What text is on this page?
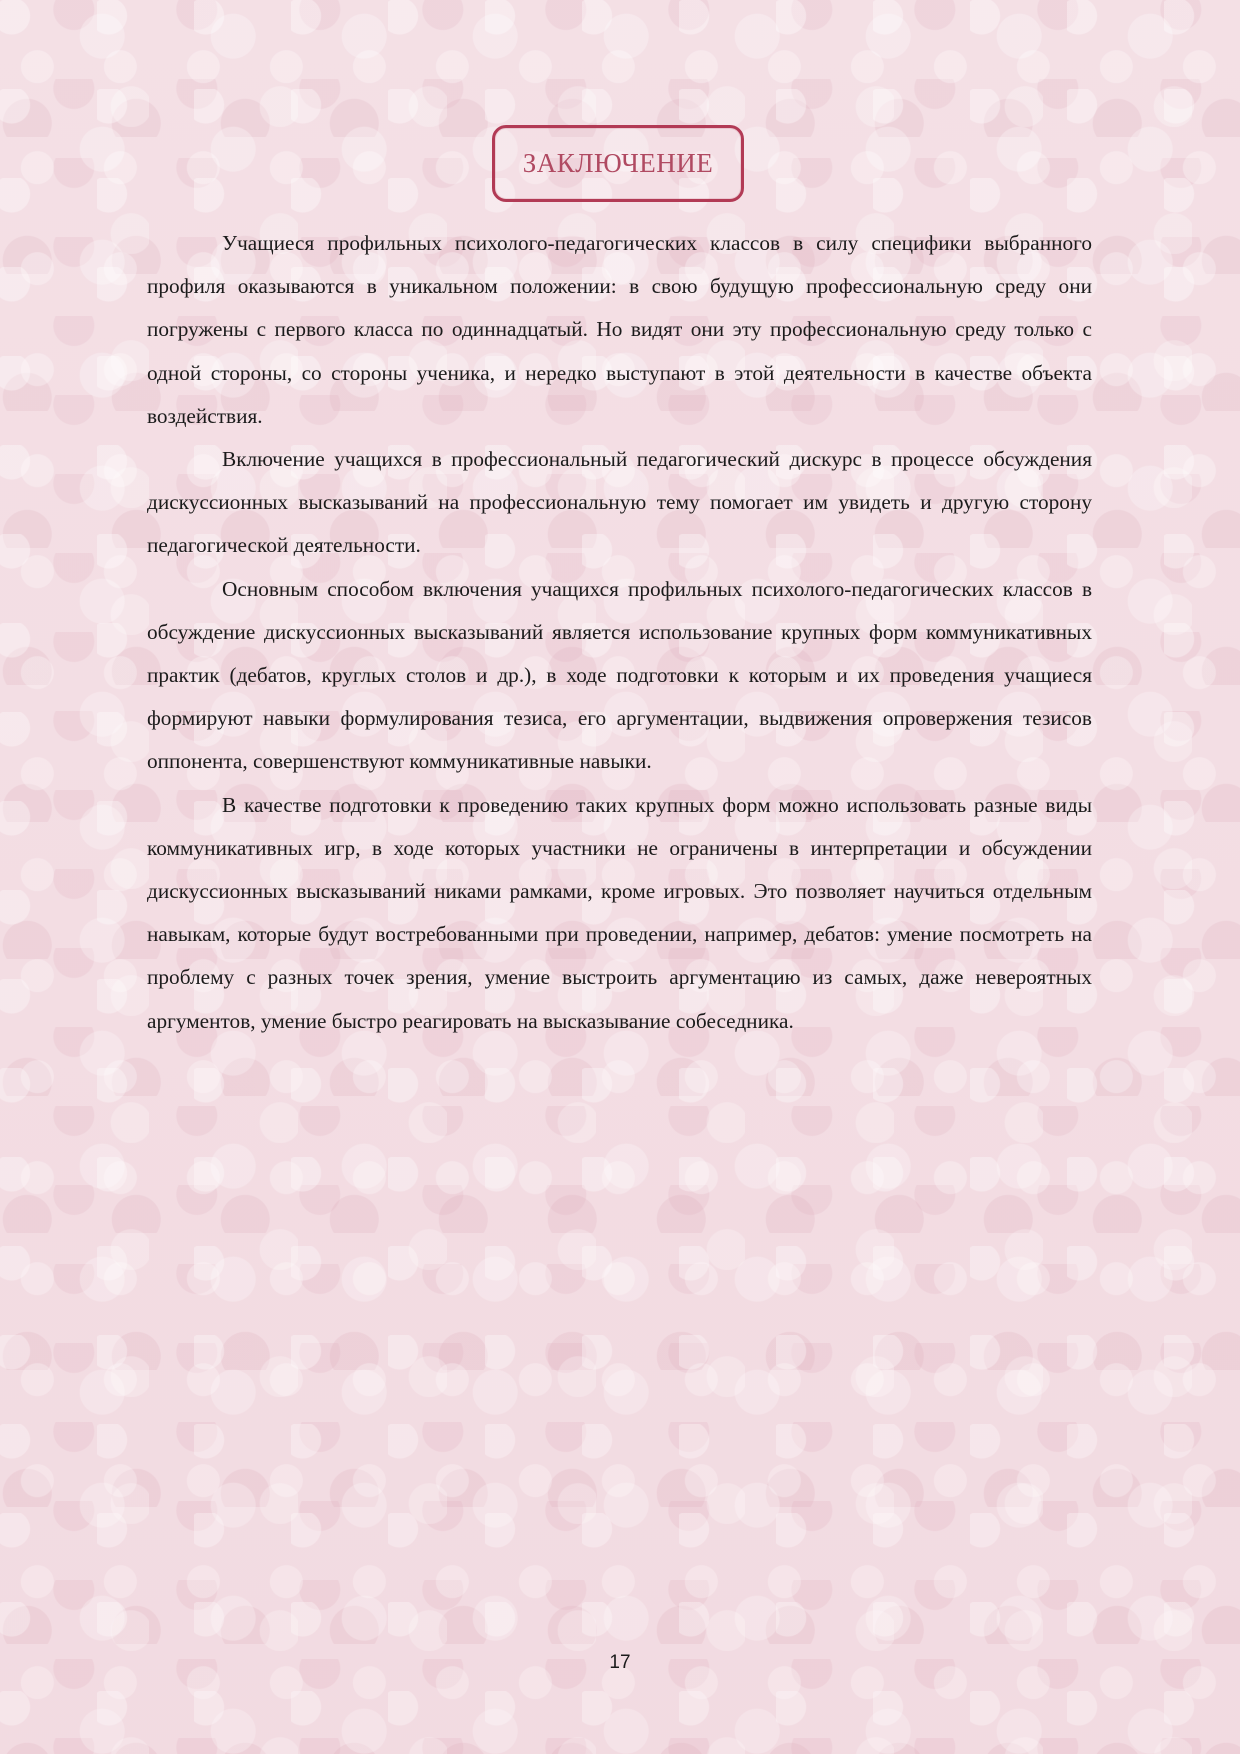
ЗАКЛЮЧЕНИЕ

Учащиеся профильных психолого-педагогических классов в силу специфики выбранного профиля оказываются в уникальном положении: в свою будущую профессиональную среду они погружены с первого класса по одиннадцатый. Но видят они эту профессиональную среду только с одной стороны, со стороны ученика, и нередко выступают в этой деятельности в качестве объекта воздействия.

Включение учащихся в профессиональный педагогический дискурс в процессе обсуждения дискуссионных высказываний на профессиональную тему помогает им увидеть и другую сторону педагогической деятельности.

Основным способом включения учащихся профильных психолого-педагогических классов в обсуждение дискуссионных высказываний является использование крупных форм коммуникативных практик (дебатов, круглых столов и др.), в ходе подготовки к которым и их проведения учащиеся формируют навыки формулирования тезиса, его аргументации, выдвижения опровержения тезисов оппонента, совершенствуют коммуникативные навыки.

В качестве подготовки к проведению таких крупных форм можно использовать разные виды коммуникативных игр, в ходе которых участники не ограничены в интерпретации и обсуждении дискуссионных высказываний никами рамками, кроме игровых. Это позволяет научиться отдельным навыкам, которые будут востребованными при проведении, например, дебатов: умение посмотреть на проблему с разных точек зрения, умение выстроить аргументацию из самых, даже невероятных аргументов, умение быстро реагировать на высказывание собеседника.

17
